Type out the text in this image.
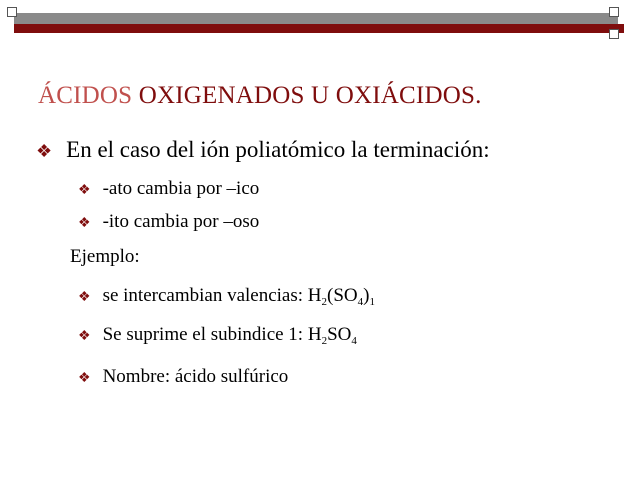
ÁCIDOS OXIGENADOS U OXIÁCIDOS.
❖ En el caso del ión poliatómico la terminación:
❖ -ato cambia por –ico
❖ -ito cambia por –oso
Ejemplo:
❖ se intercambian valencias: $H_2(SO_4)_1$
❖ Se suprime el subindice 1: $H_2SO_4$
❖ Nombre: ácido sulfúrico
